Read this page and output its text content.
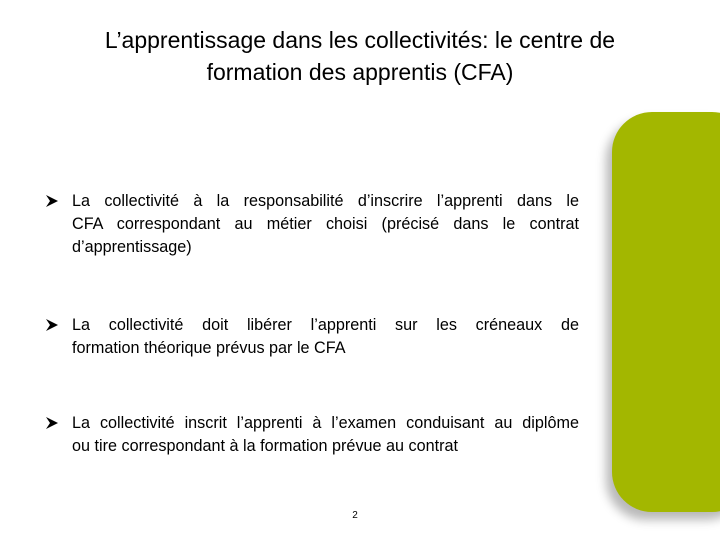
L’apprentissage dans les collectivités: le centre de
formation des apprentis (CFA)
La collectivité à la responsabilité d’inscrire l’apprenti dans le
CFA correspondant au métier choisi (précisé dans le contrat
d’apprentissage)
La collectivité doit libérer l’apprenti sur les créneaux de
formation théorique prévus par le CFA
La collectivité inscrit l’apprenti à l’examen conduisant au diplôme
ou tire correspondant à la formation prévue au contrat
2
